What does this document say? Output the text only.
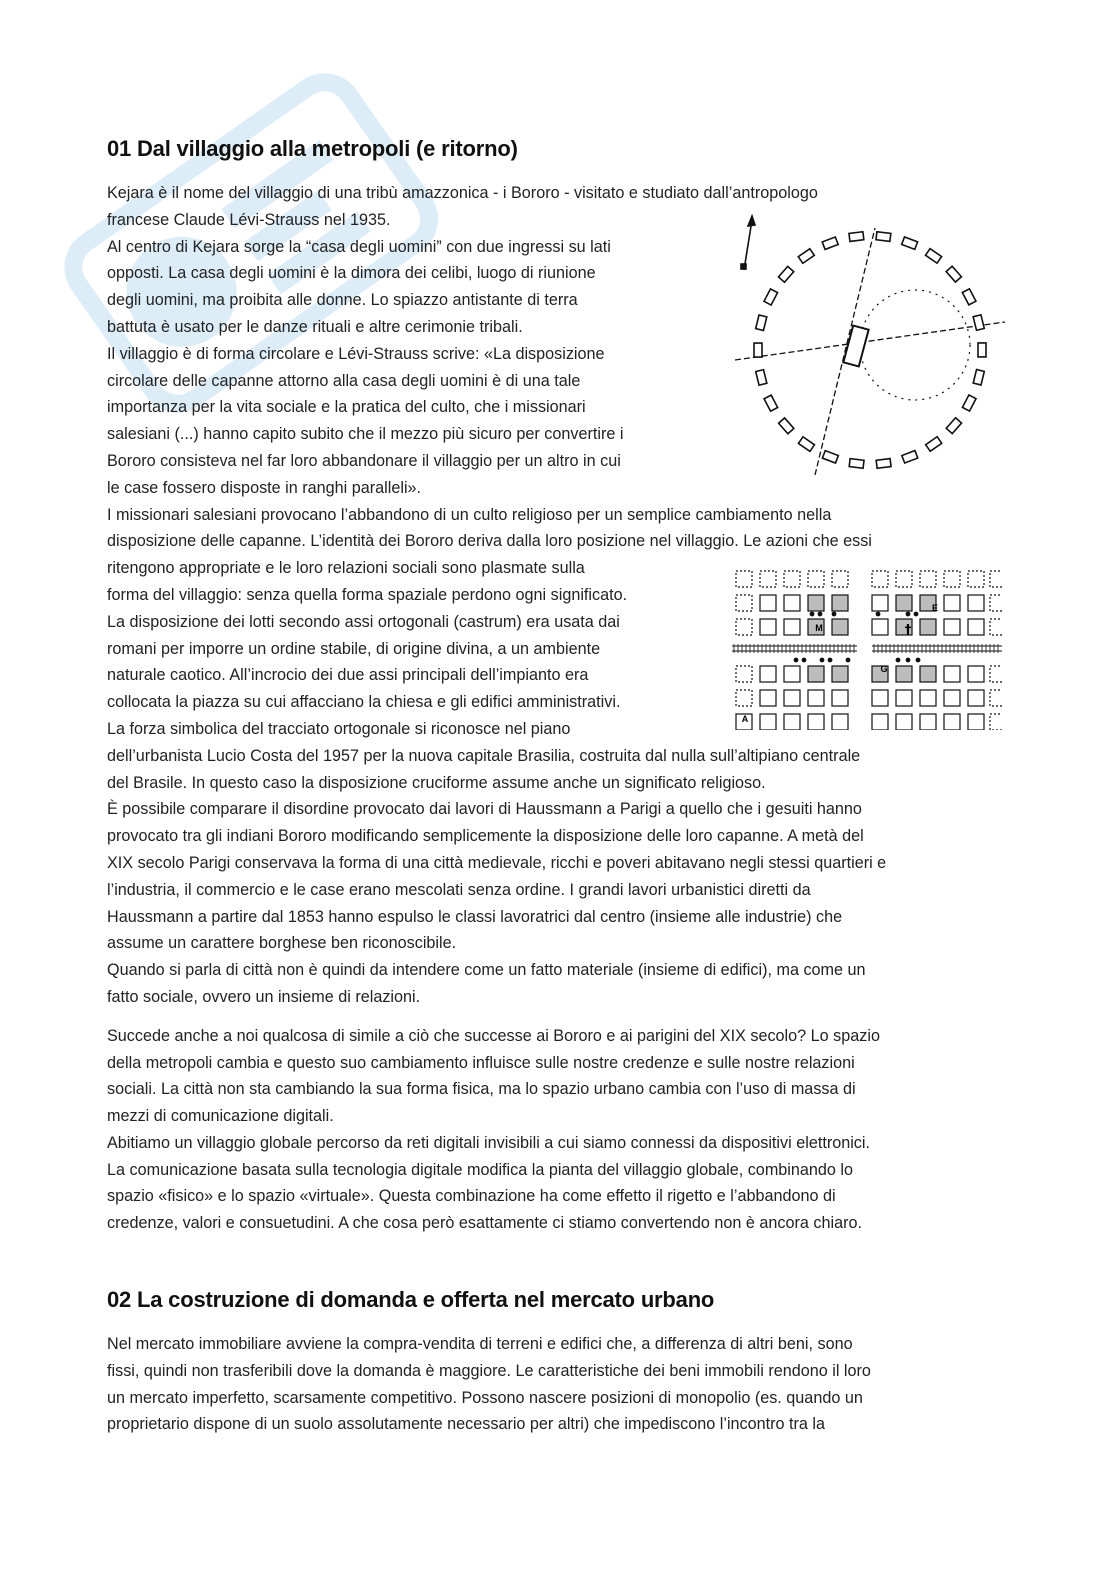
01 Dal villaggio alla metropoli (e ritorno)

Kejara è il nome del villaggio di una tribù amazzonica - i Bororo - visitato e studiato dall’antropologo

francese Claude Lévi-Strauss nel 1935.

Al centro di Kejara sorge la “casa degli uomini” con due ingressi su lati

opposti. La casa degli uomini è la dimora dei celibi, luogo di riunione

degli uomini, ma proibita alle donne. Lo spiazzo antistante di terra

battuta è usato per le danze rituali e altre cerimonie tribali.

Il villaggio è di forma circolare e Lévi-Strauss scrive: «La disposizione

circolare delle capanne attorno alla casa degli uomini è di una tale

importanza per la vita sociale e la pratica del culto, che i missionari

salesiani (...) hanno capito subito che il mezzo più sicuro per convertire i

Bororo consisteva nel far loro abbandonare il villaggio per un altro in cui

le case fossero disposte in ranghi paralleli».

I missionari salesiani provocano l’abbandono di un culto religioso per un semplice cambiamento nella

disposizione delle capanne. L’identità dei Bororo deriva dalla loro posizione nel villaggio. Le azioni che essi

ritengono appropriate e le loro relazioni sociali sono plasmate sulla

forma del villaggio: senza quella forma spaziale perdono ogni significato.

La disposizione dei lotti secondo assi ortogonali (castrum) era usata dai

romani per imporre un ordine stabile, di origine divina, a un ambiente

naturale caotico. All’incrocio dei due assi principali dell’impianto era

collocata la piazza su cui affacciano la chiesa e gli edifici amministrativi.

La forza simbolica del tracciato ortogonale si riconosce nel piano

dell’urbanista Lucio Costa del 1957 per la nuova capitale Brasilia, costruita dal nulla sull’altipiano centrale

del Brasile. In questo caso la disposizione cruciforme assume anche un significato religioso.

È possibile comparare il disordine provocato dai lavori di Haussmann a Parigi a quello che i gesuiti hanno

provocato tra gli indiani Bororo modificando semplicemente la disposizione delle loro capanne. A metà del

XIX secolo Parigi conservava la forma di una città medievale, ricchi e poveri abitavano negli stessi quartieri e

l’industria, il commercio e le case erano mescolati senza ordine. I grandi lavori urbanistici diretti da

Haussmann a partire dal 1853 hanno espulso le classi lavoratrici dal centro (insieme alle industrie) che

assume un carattere borghese ben riconoscibile.

Quando si parla di città non è quindi da intendere come un fatto materiale (insieme di edifici), ma come un

fatto sociale, ovvero un insieme di relazioni.

Succede anche a noi qualcosa di simile a ciò che successe ai Bororo e ai parigini del XIX secolo? Lo spazio

della metropoli cambia e questo suo cambiamento influisce sulle nostre credenze e sulle nostre relazioni

sociali. La città non sta cambiando la sua forma fisica, ma lo spazio urbano cambia con l’uso di massa di

mezzi di comunicazione digitali.

Abitiamo un villaggio globale percorso da reti digitali invisibili a cui siamo connessi da dispositivi elettronici.

La comunicazione basata sulla tecnologia digitale modifica la pianta del villaggio globale, combinando lo

spazio «fisico» e lo spazio «virtuale». Questa combinazione ha come effetto il rigetto e l’abbandono di

credenze, valori e consuetudini. A che cosa però esattamente ci stiamo convertendo non è ancora chiaro.

02 La costruzione di domanda e offerta nel mercato urbano

Nel mercato immobiliare avviene la compra-vendita di terreni e edifici che, a differenza di altri beni, sono

fissi, quindi non trasferibili dove la domanda è maggiore. Le caratteristiche dei beni immobili rendono il loro

un mercato imperfetto, scarsamente competitivo. Possono nascere posizioni di monopolio (es. quando un

proprietario dispone di un suolo assolutamente necessario per altri) che impediscono l’incontro tra la

M
E
G
A
†
